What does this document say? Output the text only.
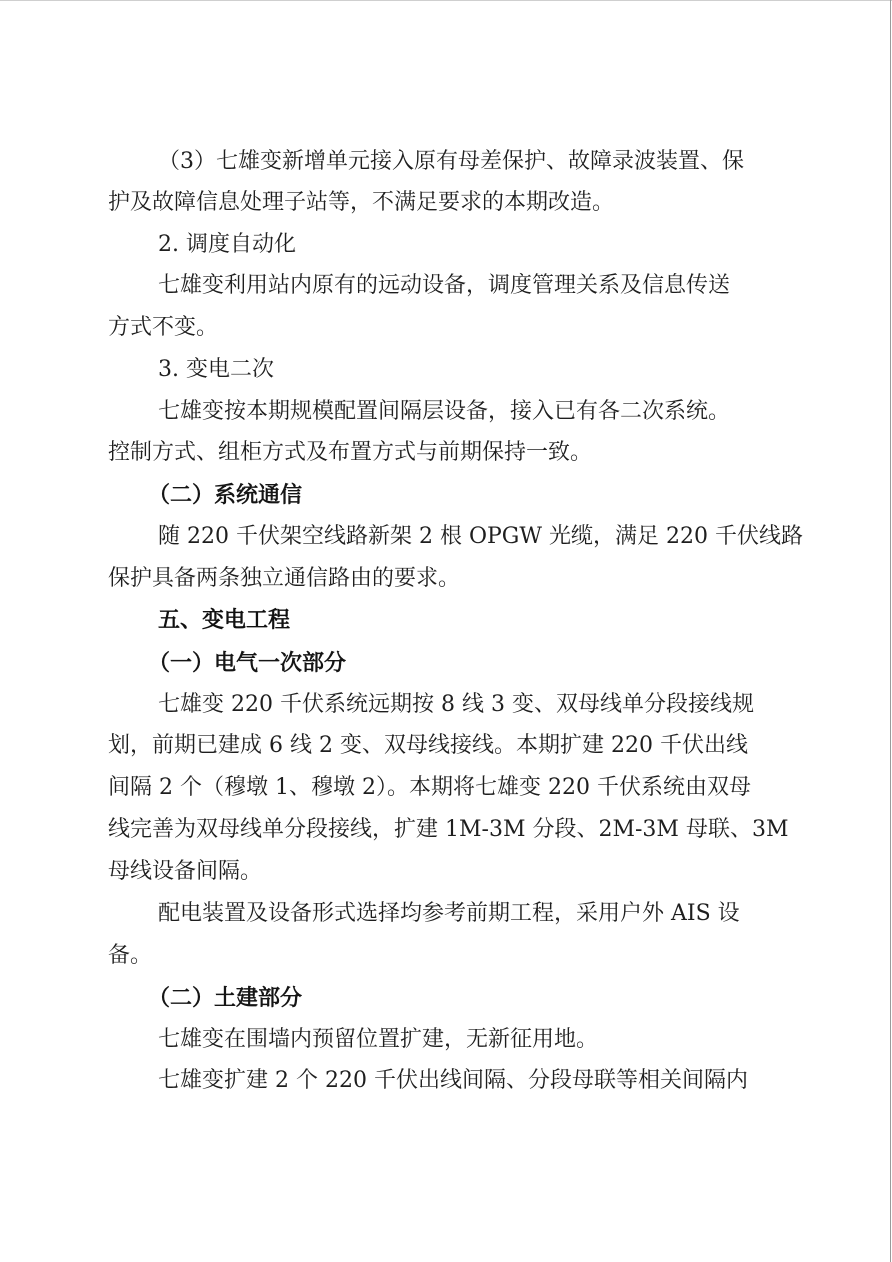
（3）七雄变新增单元接入原有母差保护、故障录波装置、保

护及故障信息处理子站等，不满足要求的本期改造。

2. 调度自动化

七雄变利用站内原有的远动设备，调度管理关系及信息传送

方式不变。

3. 变电二次

七雄变按本期规模配置间隔层设备，接入已有各二次系统。

控制方式、组柜方式及布置方式与前期保持一致。

（二）系统通信

随 220 千伏架空线路新架 2 根 OPGW 光缆，满足 220 千伏线路

保护具备两条独立通信路由的要求。

五、变电工程

（一）电气一次部分

七雄变 220 千伏系统远期按 8 线 3 变、双母线单分段接线规

划，前期已建成 6 线 2 变、双母线接线。本期扩建 220 千伏出线

间隔 2 个（穆墩 1、穆墩 2）。本期将七雄变 220 千伏系统由双母

线完善为双母线单分段接线，扩建 1M-3M 分段、2M-3M 母联、3M

母线设备间隔。

配电装置及设备形式选择均参考前期工程，采用户外 AIS 设

备。

（二）土建部分

七雄变在围墙内预留位置扩建，无新征用地。

七雄变扩建 2 个 220 千伏出线间隔、分段母联等相关间隔内
